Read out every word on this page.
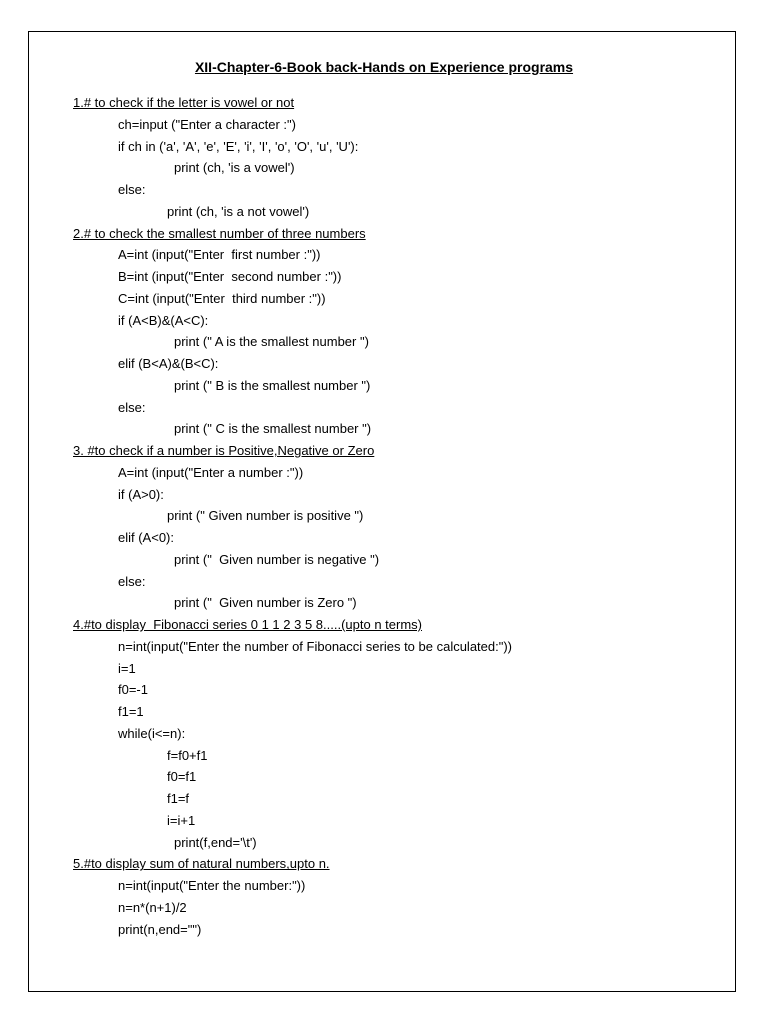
XII-Chapter-6-Book back-Hands on Experience programs
1.# to check if the letter is vowel or not
ch=input ("Enter a character :")
if ch in ('a', 'A', 'e', 'E', 'i', 'I', 'o', 'O', 'u', 'U'):
print (ch, 'is a vowel')
else:
print (ch, 'is a not vowel')
2.# to check the smallest number of three numbers
A=int (input("Enter  first number :"))
B=int (input("Enter  second number :"))
C=int (input("Enter  third number :"))
if (A<B)&(A<C):
print (" A is the smallest number ")
elif (B<A)&(B<C):
print (" B is the smallest number ")
else:
print (" C is the smallest number ")
3. #to check if a number is Positive,Negative or Zero
A=int (input("Enter a number :"))
if (A>0):
print (" Given number is positive ")
elif (A<0):
print ("  Given number is negative ")
else:
print ("  Given number is Zero ")
4.#to display  Fibonacci series 0 1 1 2 3 5 8.....(upto n terms)
n=int(input("Enter the number of Fibonacci series to be calculated:"))
i=1
f0=-1
f1=1
while(i<=n):
f=f0+f1
f0=f1
f1=f
i=i+1
print(f,end='\t')
5.#to display sum of natural numbers,upto n.
n=int(input("Enter the number:"))
n=n*(n+1)/2
print(n,end="")
